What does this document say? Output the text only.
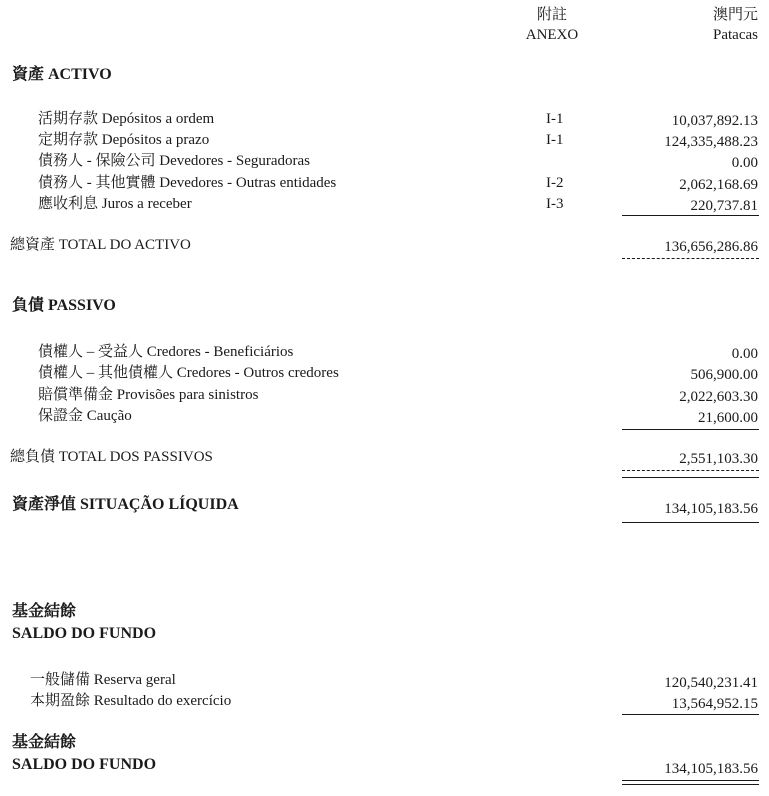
附註
ANEXO
澳門元
Patacas
資產 ACTIVO
活期存款 Depósitos a ordem	I-1	10,037,892.13
定期存款 Depósitos a prazo	I-1	124,335,488.23
債務人 - 保險公司 Devedores - Seguradoras	0.00
債務人 - 其他實體 Devedores - Outras entidades	I-2	2,062,168.69
應收利息 Juros a receber	I-3	220,737.81
總資產 TOTAL DO ACTIVO	136,656,286.86
負債 PASSIVO
債權人 – 受益人 Credores - Beneficiários	0.00
債權人 – 其他債權人 Credores - Outros credores	506,900.00
賠償準備金 Provisões para sinistros	2,022,603.30
保證金 Caução	21,600.00
總負債 TOTAL DOS PASSIVOS	2,551,103.30
資產淨值 SITUAÇÃO LÍQUIDA	134,105,183.56
基金結餘
SALDO DO FUNDO
一般儲備 Reserva geral	120,540,231.41
本期盈餘 Resultado do exercício	13,564,952.15
基金結餘
SALDO DO FUNDO	134,105,183.56
